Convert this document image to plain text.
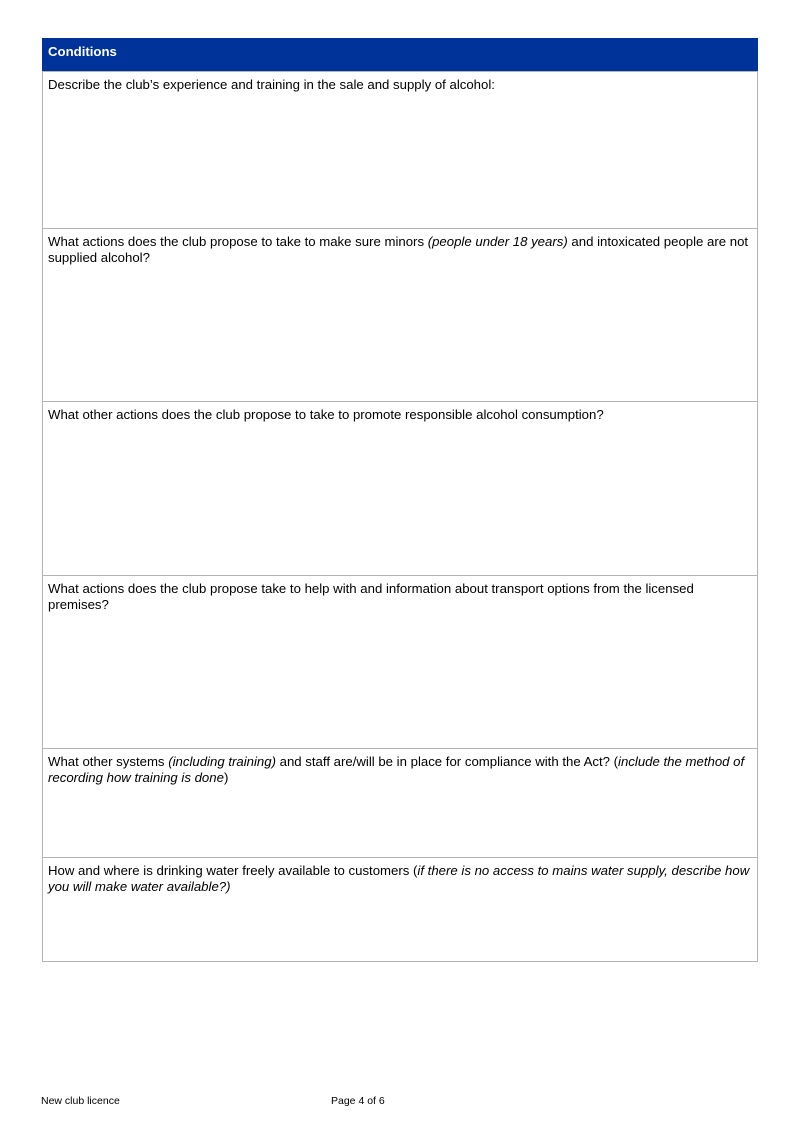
Conditions
Describe the club’s experience and training in the sale and supply of alcohol:

What actions does the club propose to take to make sure minors (people under 18 years) and intoxicated people are not supplied alcohol?

What other actions does the club propose to take to promote responsible alcohol consumption?

What actions does the club propose take to help with and information about transport options from the licensed premises?

What other systems (including training) and staff are/will be in place for compliance with the Act? (include the method of recording how training is done)

How and where is drinking water freely available to customers (if there is no access to mains water supply, describe how you will make water available?)
New club licence	Page 4 of 6
